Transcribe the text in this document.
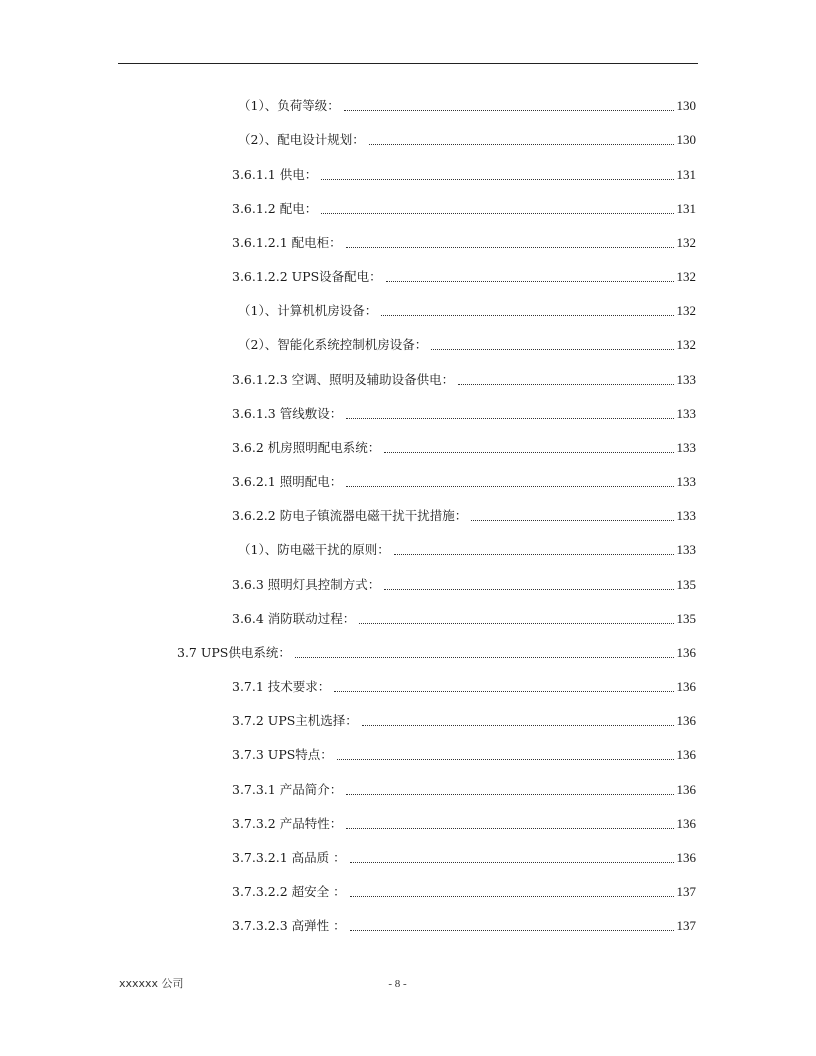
（1）、负荷等级：	130
（2）、配电设计规划：	130
3.6.1.1 供电：	131
3.6.1.2 配电：	131
3.6.1.2.1 配电柜：	132
3.6.1.2.2 UPS设备配电：	132
（1）、计算机机房设备：	132
（2）、智能化系统控制机房设备：	132
3.6.1.2.3 空调、照明及辅助设备供电：	133
3.6.1.3 管线敷设：	133
3.6.2 机房照明配电系统：	133
3.6.2.1 照明配电：	133
3.6.2.2 防电子镇流器电磁干扰干扰措施：	133
（1）、防电磁干扰的原则：	133
3.6.3 照明灯具控制方式：	135
3.6.4 消防联动过程：	135
3.7 UPS供电系统：	136
3.7.1 技术要求：	136
3.7.2 UPS主机选择：	136
3.7.3 UPS特点：	136
3.7.3.1 产品简介：	136
3.7.3.2 产品特性：	136
3.7.3.2.1 高品质 ：	136
3.7.3.2.2 超安全 ：	137
3.7.3.2.3 高弹性 ：	137
xxxxxx 公司	- 8 -
